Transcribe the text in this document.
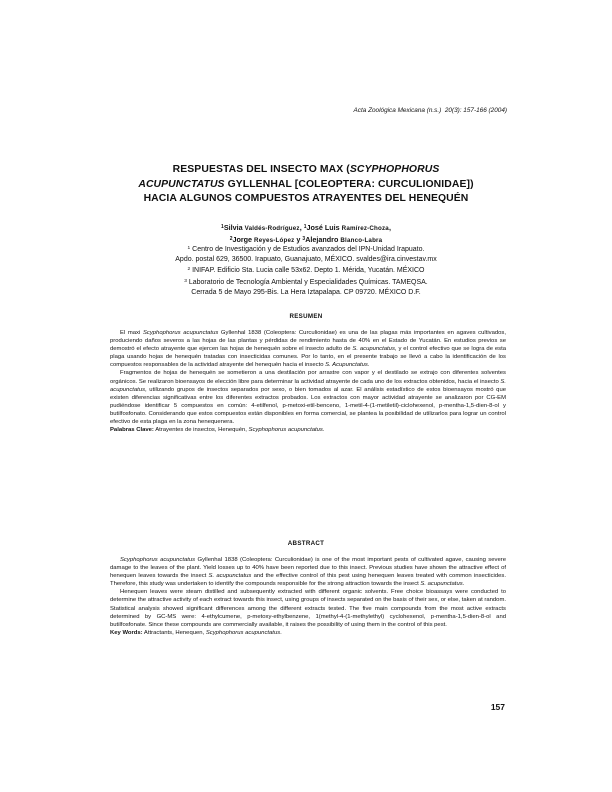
Acta Zoológica Mexicana (n.s.) 20(3): 157-166 (2004)
RESPUESTAS DEL INSECTO MAX (SCYPHOPHORUS
ACUPUNCTATUS GYLLENHAL [COLEOPTERA: CURCULIONIDAE])
HACIA ALGUNOS COMPUESTOS ATRAYENTES DEL HENEQUÉN
$^1$Silvia Valdés-Rodríguez, $^1$José Luis Ramírez-Choza,
$^2$Jorge Reyes-López y $^3$Alejandro Blanco-Labra
$^1$ Centro de Investigación y de Estudios avanzados del IPN-Unidad Irapuato.
Apdo. postal 629, 36500. Irapuato, Guanajuato, MÉXICO. svaldes@ira.cinvestav.mx
$^2$ INIFAP. Edificio Sta. Lucia calle 53x62. Depto 1. Mérida, Yucatán. MÉXICO
$^3$ Laboratorio de Tecnología Ambiental y Especialidades Químicas. TAMEQSA.
Cerrada 5 de Mayo 295-Bis. La Hera Iztapalapa. CP 09720. MÉXICO D.F.
RESUMEN

El maxi Scyphophorus acupunctatus Gyllenhal 1838 (Coleoptera: Curculionidae) es una de las plagas más importantes en agaves cultivados, produciendo daños severos a las hojas de las plantas y pérdidas de rendimiento hasta de 40% en el Estado de Yucatán. En estudios previos se demostró el efecto atrayente que ejercen las hojas de henequén sobre el insecto adulto de S. acupunctatus, y el control efectivo que se logra de esta plaga usando hojas de henequén tratadas con insecticidas comunes. Por lo tanto, en el presente trabajo se llevó a cabo la identificación de los compuestos responsables de la actividad atrayente del henequén hacia el insecto S. Acupunctatus.

Fragmentos de hojas de henequén se sometieron a una destilación por arrastre con vapor y el destilado se extrajo con diferentes solventes orgánicos. Se realizaron bioensayos de elección libre para determinar la actividad atrayente de cada uno de los extractos obtenidos, hacia el insecto S. acupunctatus, utilizando grupos de insectos separados por sexo, o bien tomados al azar. El análisis estadístico de estos bioensayos mostró que existen diferencias significativas entre los diferentes extractos probados. Los extractos con mayor actividad atrayente se analizaron por CG-EM pudiéndose identificar 5 compuestos en común: 4-etilfenol, p-metoxi-etil-benceno, 1-metil-4-(1-metiletil)-ciclohexenol, p-mentha-1,5-dien-8-ol y butilfosfonato. Considerando que estos compuestos están disponibles en forma comercial, se plantea la posibilidad de utilizarlos para lograr un control efectivo de esta plaga en la zona henequenera.

Palabras Clave: Atrayentes de insectos, Henequén, Scyphophorus acupunctatus.

ABSTRACT

Scyphophorus acupunctatus Gyllenhal 1838 (Coleoptera: Curculionidae) is one of the most important pests of cultivated agave, causing severe damage to the leaves of the plant. Yield losses up to 40% have been reported due to this insect. Previous studies have shown the attractive effect of henequen leaves towards the insect S. acupunctatus and the effective control of this pest using henequen leaves treated with common insecticides. Therefore, this study was undertaken to identify the compounds responsible for the strong attraction towards the insect S. acupunctatus.

Henequen leaves were steam distilled and subsequently extracted with different organic solvents. Free choice bioassays were conducted to determine the attractive activity of each extract towards this insect, using groups of insects separated on the basis of their sex, or else, taken at random. Statistical analysis showed significant differences among the different extracts tested. The five main compounds from the most active extracts determined by GC-MS were: 4-ethylcumene, p-metoxy-ethylbenzene, 1(methyl-4-(1-methylethyl) cyclohexenol, p-mentha-1,5-dien-8-ol and butilfosfonate. Since these compounds are commercially available, it raises the possibility of using them in the control of this pest.

Key Words: Attractants, Henequen, Scyphophorus acupunctatus.

157
